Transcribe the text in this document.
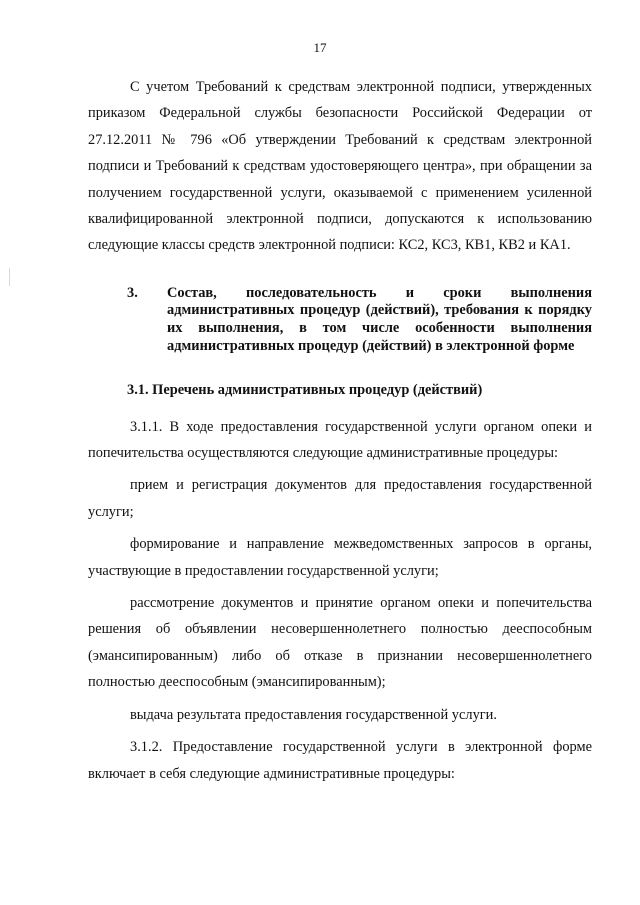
17

С учетом Требований к средствам электронной подписи, утвержденных приказом Федеральной службы безопасности Российской Федерации от 27.12.2011 № 796 «Об утверждении Требований к средствам электронной подписи и Требований к средствам удостоверяющего центра», при обращении за получением государственной услуги, оказываемой с применением усиленной квалифицированной электронной подписи, допускаются к использованию следующие классы средств электронной подписи: КС2, КС3, КВ1, КВ2 и КА1.

3. Состав, последовательность и сроки выполнения административных процедур (действий), требования к порядку их выполнения, в том числе особенности выполнения административных процедур (действий) в электронной форме
3.1. Перечень административных процедур (действий)

3.1.1. В ходе предоставления государственной услуги органом опеки и попечительства осуществляются следующие административные процедуры:

прием и регистрация документов для предоставления государственной услуги;

формирование и направление межведомственных запросов в органы, участвующие в предоставлении государственной услуги;

рассмотрение документов и принятие органом опеки и попечительства решения об объявлении несовершеннолетнего полностью дееспособным (эмансипированным) либо об отказе в признании несовершеннолетнего полностью дееспособным (эмансипированным);

выдача результата предоставления государственной услуги.

3.1.2. Предоставление государственной услуги в электронной форме включает в себя следующие административные процедуры:
